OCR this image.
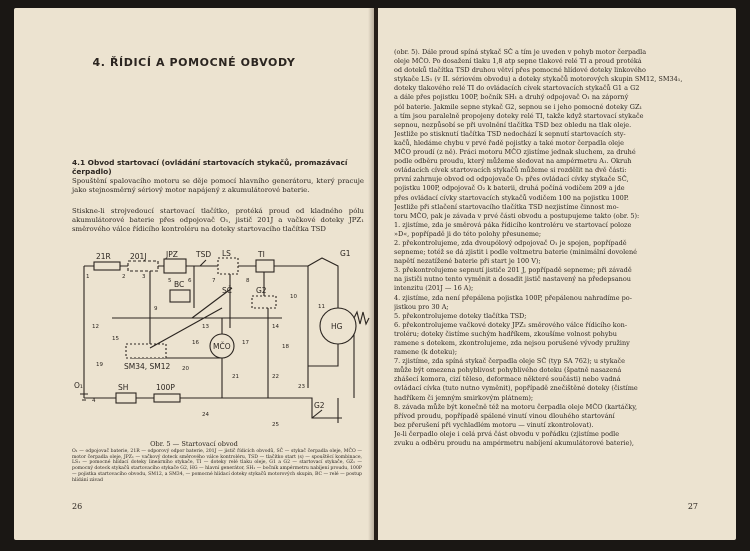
4. ŘÍDICÍ A POMOCNÉ OBVODY
4.1 Obvod startovací (ovládání startovacích stykačů, promazávací čerpadlo)
Spouštění spalovacího motoru se děje pomocí hlavního generátoru, který pracuje jako stejnosměrný sériový motor napájený z akumulátorové baterie.
Stiskne-li strojvedoucí startovací tlačítko, protéká proud od kladného pólu akumulátorové baterie přes odpojovač O₁, jistič 201J a vačkové doteky JPZ₁ směrového válce řídicího kontroléru na doteky startovacího tlačítka TSD
G1
21R	201J	JPZ TSD LS	TI
BC
SČ	G2
MČO
HG
SM34, SM12
SH	100P
O₁
G2
1	2	3
4
5	6	7	8
9
10
11
12	13	14
15
16	17
18
19
20
21	22
23
24
25
Obr. 5 — Startovací obvod
O₁ — odpojovač baterie, 21R — odporový odpor baterie, 201J — jistič řídicích obvodů, SČ — stykač čerpadla oleje, MČO — motor čerpadla oleje, JPZ₁ — vačkový doteck směrového válce kontroléru, TSD — tlačítko start (s) — spouštěcí kombinace, LS₁ — pomocné hlídací doteky lineárního stykače, TI — doteky relé tlaku oleje, G1 a G2 — startovací stykače, GZ₁ — pomocný doteck stykačů startovacího stykače G2, HG — hlavní generátor, SH₁ — bočník ampérmetru nabíjení proudu, 100P — pojistka startovacího obvodu, SM12, a SM34, — pomocné hlídací doteky stykačů motorových skupin, BC — relé — postup hlídání závad
26
(obr. 5). Dále proud spíná stykač SČ a tím je uveden v pohyb motor čerpadla
oleje MČO. Po dosažení tlaku 1,8 atp sepne tlakové relé TI a proud protéká
od doteků tlačítka TSD druhou větví přes pomocné hlídové doteky linkového
stykače LS₁ (v II. sériovém obvodu) a doteky stykačů motorových skupin SM12, SM34₁,
doteky tlakového relé TI do ovládacích cívek startovacích stykačů G1 a G2
a dále přes pojistku 100P, bočník SH₁ a druhý odpojovač O₁ na záporný
pól baterie. Jakmile sepne stykač G2, sepnou se i jeho pomocné doteky GZ₁
a tím jsou paralelně propojeny doteky relé TI, takže když startovací stykače
sepnou, nezpůsobí se při uvolnění tlačítka TSD bez obledu na tlak oleje.
Jestliže po stisknutí tlačítka TSD nedochází k sepnutí startovacích sty-
kačů, hledáme chybu v prvé řadě pojistky a také motor čerpadla oleje
MČO proudí (z ně). Práci motoru MČO zjistíme jednak sluchem, za druhé
podle odběru proudu, který můžeme sledovat na ampérmetru A₁. Okruh
ovládacích cívek startovacích stykačů můžeme si rozdělit na dvě části:
první zahrnuje obvod od odpojovače O₁ přes ovládací cívky stykače SČ,
pojistku 100P, odpojovač O₂ k baterii, druhá počíná vodičem 209 a jde
přes ovládací cívky startovacích stykačů vodičem 100 na pojistku 100P.
Jestliže při stlačení startovacího tlačítka TSD nezjistíme činnost mo-
toru MČO, pak je závada v prvé části obvodu a postupujeme takto (obr. 5):
1. zjistíme, zda je směrová páka řídicího kontroléru ve startovací poloze
»D«, popřípadě ji do této polohy přesuneme;
2. překontrolujeme, zda dvoupólový odpojovač O₁ je spojen, popřípadě
sepneme; totéž se dá zjistit i podle voltmetru baterie (minimální dovolené
napětí nezatížené baterie při start je 100 V);
3. překontrolujeme sepnutí jističe 201 J, popřípadě sepneme; při závadě
na jističi nutno tento vyměnit a dosadit jistič nastavený na předepsanou
intenzitu (201J — 16 A);
4. zjistíme, zda není přepálena pojistka 100P, přepálenou nahradíme po-
jistkou pro 30 A;
5. překontrolujeme doteky tlačítka TSD;
6. překontrolujeme vačkové doteky JPZ₁ směrového válce řídicího kon-
troléru; doteky čistíme suchým hadříkem, zkoušíme volnost pohybu
ramene s dotekem, zkontrolujeme, zda nejsou porušené vývody pružiny
ramene (k doteku);
7. zjistíme, zda spíná stykač čerpadla oleje SČ (typ SA 762); u stykače
může být omezena pohyblivost pohyblivého doteku (špatně nasazená
zhášecí komora, cizí těleso, deformace některé součásti) nebo vadná
ovládací cívka (tuto nutno vyměnit), popřípadě znečištěné doteky (čistíme
hadříkem či jemným smirkovým plátnem);
8. závada může být konečně též na motoru čerpadla oleje MČO (kartáčky,
přívod proudu, popřípadě spálené vinutí vinou dlouhého startování
bez přerušení při vychladlém motoru — vinutí zkontrolovat).
Je-li čerpadlo oleje i celá prvá část obvodu v pořádku (zjistíme podle
zvuku a odběru proudu na ampérmetru nabíjení akumulátorové baterie),
27
